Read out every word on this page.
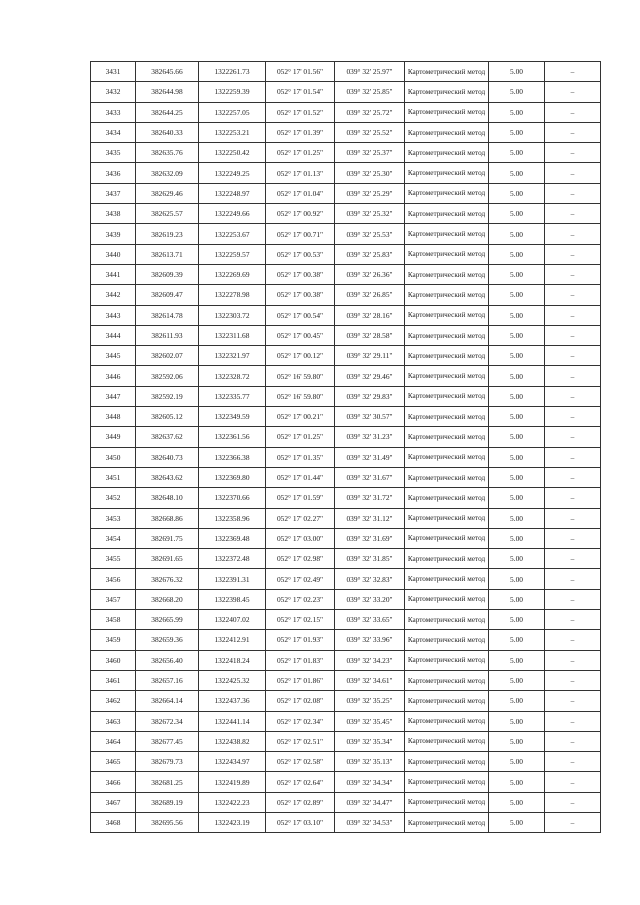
3431	382645.66	1322261.73	052° 17' 01.56"	039° 32' 25.97"	Картометрический метод	5.00	–
3432	382644.98	1322259.39	052° 17' 01.54"	039° 32' 25.85"	Картометрический метод	5.00	–
3433	382644.25	1322257.05	052° 17' 01.52"	039° 32' 25.72"	Картометрический метод	5.00	–
3434	382640.33	1322253.21	052° 17' 01.39"	039° 32' 25.52"	Картометрический метод	5.00	–
3435	382635.76	1322250.42	052° 17' 01.25"	039° 32' 25.37"	Картометрический метод	5.00	–
3436	382632.09	1322249.25	052° 17' 01.13"	039° 32' 25.30"	Картометрический метод	5.00	–
3437	382629.46	1322248.97	052° 17' 01.04"	039° 32' 25.29"	Картометрический метод	5.00	–
3438	382625.57	1322249.66	052° 17' 00.92"	039° 32' 25.32"	Картометрический метод	5.00	–
3439	382619.23	1322253.67	052° 17' 00.71"	039° 32' 25.53"	Картометрический метод	5.00	–
3440	382613.71	1322259.57	052° 17' 00.53"	039° 32' 25.83"	Картометрический метод	5.00	–
3441	382609.39	1322269.69	052° 17' 00.38"	039° 32' 26.36"	Картометрический метод	5.00	–
3442	382609.47	1322278.98	052° 17' 00.38"	039° 32' 26.85"	Картометрический метод	5.00	–
3443	382614.78	1322303.72	052° 17' 00.54"	039° 32' 28.16"	Картометрический метод	5.00	–
3444	382611.93	1322311.68	052° 17' 00.45"	039° 32' 28.58"	Картометрический метод	5.00	–
3445	382602.07	1322321.97	052° 17' 00.12"	039° 32' 29.11"	Картометрический метод	5.00	–
3446	382592.06	1322328.72	052° 16' 59.80"	039° 32' 29.46"	Картометрический метод	5.00	–
3447	382592.19	1322335.77	052° 16' 59.80"	039° 32' 29.83"	Картометрический метод	5.00	–
3448	382605.12	1322349.59	052° 17' 00.21"	039° 32' 30.57"	Картометрический метод	5.00	–
3449	382637.62	1322361.56	052° 17' 01.25"	039° 32' 31.23"	Картометрический метод	5.00	–
3450	382640.73	1322366.38	052° 17' 01.35"	039° 32' 31.49"	Картометрический метод	5.00	–
3451	382643.62	1322369.80	052° 17' 01.44"	039° 32' 31.67"	Картометрический метод	5.00	–
3452	382648.10	1322370.66	052° 17' 01.59"	039° 32' 31.72"	Картометрический метод	5.00	–
3453	382668.86	1322358.96	052° 17' 02.27"	039° 32' 31.12"	Картометрический метод	5.00	–
3454	382691.75	1322369.48	052° 17' 03.00"	039° 32' 31.69"	Картометрический метод	5.00	–
3455	382691.65	1322372.48	052° 17' 02.98"	039° 32' 31.85"	Картометрический метод	5.00	–
3456	382676.32	1322391.31	052° 17' 02.49"	039° 32' 32.83"	Картометрический метод	5.00	–
3457	382668.20	1322398.45	052° 17' 02.23"	039° 32' 33.20"	Картометрический метод	5.00	–
3458	382665.99	1322407.02	052° 17' 02.15"	039° 32' 33.65"	Картометрический метод	5.00	–
3459	382659.36	1322412.91	052° 17' 01.93"	039° 32' 33.96"	Картометрический метод	5.00	–
3460	382656.40	1322418.24	052° 17' 01.83"	039° 32' 34.23"	Картометрический метод	5.00	–
3461	382657.16	1322425.32	052° 17' 01.86"	039° 32' 34.61"	Картометрический метод	5.00	–
3462	382664.14	1322437.36	052° 17' 02.08"	039° 32' 35.25"	Картометрический метод	5.00	–
3463	382672.34	1322441.14	052° 17' 02.34"	039° 32' 35.45"	Картометрический метод	5.00	–
3464	382677.45	1322438.82	052° 17' 02.51"	039° 32' 35.34"	Картометрический метод	5.00	–
3465	382679.73	1322434.97	052° 17' 02.58"	039° 32' 35.13"	Картометрический метод	5.00	–
3466	382681.25	1322419.89	052° 17' 02.64"	039° 32' 34.34"	Картометрический метод	5.00	–
3467	382689.19	1322422.23	052° 17' 02.89"	039° 32' 34.47"	Картометрический метод	5.00	–
3468	382695.56	1322423.19	052° 17' 03.10"	039° 32' 34.53"	Картометрический метод	5.00	–
